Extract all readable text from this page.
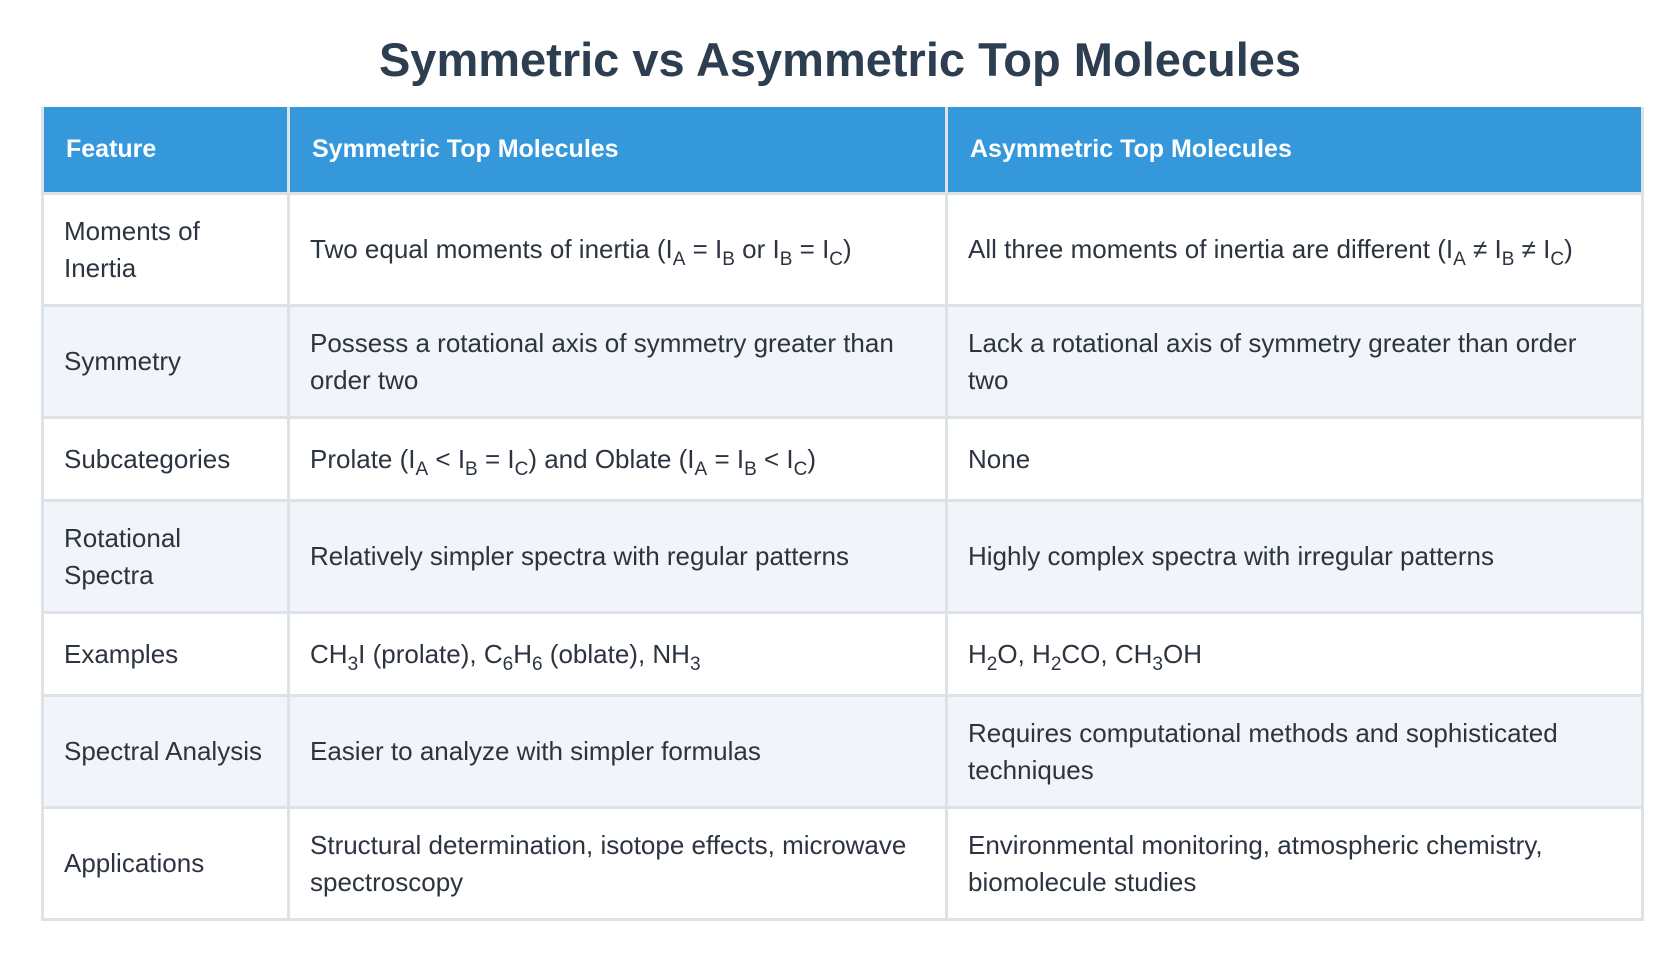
Symmetric vs Asymmetric Top Molecules
Feature	Symmetric Top Molecules	Asymmetric Top Molecules
Moments of Inertia	Two equal moments of inertia ($I_A = I_B$ or $I_B = I_C$)	All three moments of inertia are different $(I_A \ne I_B \ne I_C)$
Symmetry	Possess a rotational axis of symmetry greater than order two	Lack a rotational axis of symmetry greater than order two
Subcategories	Prolate $(I_A < I_B = I_C)$ and Oblate $(I_A = I_B < I_C)$	None
Rotational Spectra	Relatively simpler spectra with regular patterns	Highly complex spectra with irregular patterns
Examples	$CH_3I$ (prolate), $C_6H_6$ (oblate), $NH_3$	$H_2O$, $H_2CO$, $CH_3OH$
Spectral Analysis	Easier to analyze with simpler formulas	Requires computational methods and sophisticated techniques
Applications	Structural determination, isotope effects, microwave spectroscopy	Environmental monitoring, atmospheric chemistry, biomolecule studies
